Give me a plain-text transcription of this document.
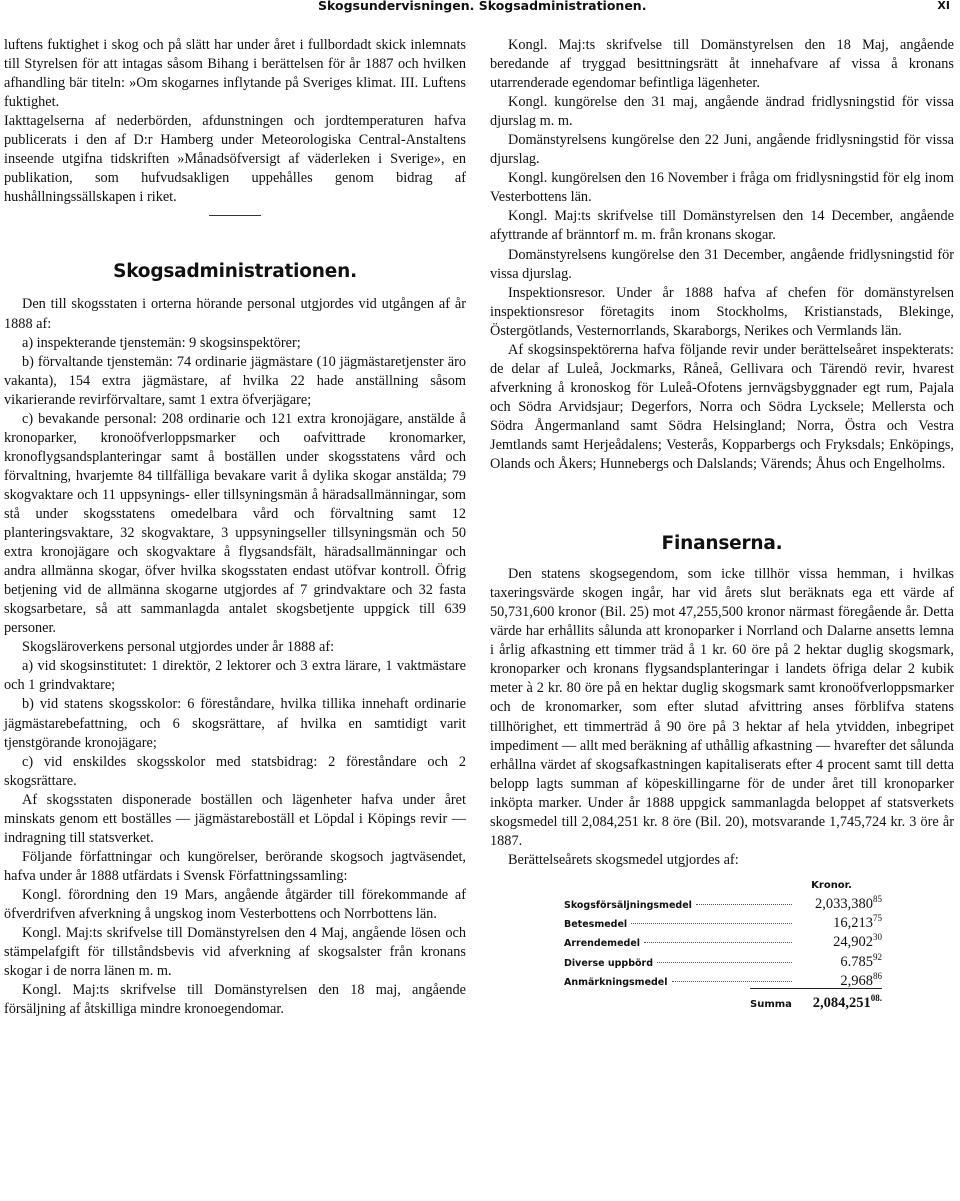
Skogsundervisningen. Skogsadministrationen.	XI

luftens fuktighet i skog och på slätt har under året i fullbordadt skick inlemnats till Styrelsen för att intagas såsom Bihang i berättelsen för år 1887 och hvilken afhandling bär titeln: »Om skogarnes inflytande på Sveriges klimat. III. Luftens fuktighet.

Iakttagelserna af nederbörden, afdunstningen och jordtemperaturen hafva publicerats i den af D:r Hamberg under Meteorologiska Central-Anstaltens inseende utgifna tidskriften »Månadsöfversigt af väderleken i Sverige», en publikation, som hufvudsakligen uppehålles genom bidrag af hushållningssällskapen i riket.

Skogsadministrationen.

Den till skogsstaten i orterna hörande personal utgjordes vid utgången af år 1888 af:

a) inspekterande tjenstemän: 9 skogsinspektörer;

b) förvaltande tjenstemän: 74 ordinarie jägmästare (10 jägmästaretjenster äro vakanta), 154 extra jägmästare, af hvilka 22 hade anställning såsom vikarierande revirförvaltare, samt 1 extra öfverjägare;

c) bevakande personal: 208 ordinarie och 121 extra kronojägare, anstälde å kronoparker, kronoöfverloppsmarker och oafvittrade kronomarker, kronoflygsandsplanteringar samt å boställen under skogsstatens vård och förvaltning, hvarjemte 84 tillfälliga bevakare varit å dylika skogar anstälda; 79 skogvaktare och 11 uppsynings- eller tillsyningsmän å häradsallmänningar, som stå under skogsstatens omedelbara vård och förvaltning samt 12 planteringsvaktare, 32 skogvaktare, 3 uppsyningseller tillsyningsmän och 50 extra kronojägare och skogvaktare å flygsandsfält, häradsallmänningar och andra allmänna skogar, öfver hvilka skogsstaten endast utöfvar kontroll. Öfrig betjening vid de allmänna skogarne utgjordes af 7 grindvaktare och 32 fasta skogsarbetare, så att sammanlagda antalet skogsbetjente uppgick till 639 personer.

Skogsläroverkens personal utgjordes under år 1888 af:

a) vid skogsinstitutet: 1 direktör, 2 lektorer och 3 extra lärare, 1 vaktmästare och 1 grindvaktare;

b) vid statens skogsskolor: 6 föreståndare, hvilka tillika innehaft ordinarie jägmästarebefattning, och 6 skogsrättare, af hvilka en samtidigt varit tjenstgörande kronojägare;

c) vid enskildes skogsskolor med statsbidrag: 2 föreståndare och 2 skogsrättare.

Af skogsstaten disponerade boställen och lägenheter hafva under året minskats genom ett boställes — jägmästareboställ et Löpdal i Köpings revir — indragning till statsverket.

Följande författningar och kungörelser, berörande skogsoch jagtväsendet, hafva under år 1888 utfärdats i Svensk Författningssamling:

Kongl. förordning den 19 Mars, angående åtgärder till förekommande af öfverdrifven afverkning å ungskog inom Vesterbottens och Norrbottens län.

Kongl. Maj:ts skrifvelse till Domänstyrelsen den 4 Maj, angående lösen och stämpelafgift för tillståndsbevis vid afverkning af skogsalster från kronans skogar i de norra länen m. m.

Kongl. Maj:ts skrifvelse till Domänstyrelsen den 18 maj, angående försäljning af åtskilliga mindre kronoegendomar.

Kongl. Maj:ts skrifvelse till Domänstyrelsen den 18 Maj, angående beredande af tryggad besittningsrätt åt innehafvare af vissa å kronans utarrenderade egendomar befintliga lägenheter.

Kongl. kungörelse den 31 maj, angående ändrad fridlysningstid för vissa djurslag m. m.

Domänstyrelsens kungörelse den 22 Juni, angående fridlysningstid för vissa djurslag.

Kongl. kungörelsen den 16 November i fråga om fridlysningstid för elg inom Vesterbottens län.

Kongl. Maj:ts skrifvelse till Domänstyrelsen den 14 December, angående afyttrande af bränntorf m. m. från kronans skogar.

Domänstyrelsens kungörelse den 31 December, angående fridlysningstid för vissa djurslag.

Inspektionsresor. Under år 1888 hafva af chefen för domänstyrelsen inspektionsresor företagits inom Stockholms, Kristianstads, Blekinge, Östergötlands, Vesternorrlands, Skaraborgs, Nerikes och Vermlands län.

Af skogsinspektörerna hafva följande revir under berättelseåret inspekterats: de delar af Luleå, Jockmarks, Råneå, Gellivara och Tärendö revir, hvarest afverkning å kronoskog för Luleå-Ofotens jernvägsbyggnader egt rum, Pajala och Södra Arvidsjaur; Degerfors, Norra och Södra Lycksele; Mellersta och Södra Ångermanland samt Södra Helsingland; Norra, Östra och Vestra Jemtlands samt Herjeådalens; Vesterås, Kopparbergs och Fryksdals; Enköpings, Olands och Åkers; Hunnebergs och Dalslands; Värends; Åhus och Engelholms.

Finanserna.

Den statens skogsegendom, som icke tillhör vissa hemman, i hvilkas taxeringsvärde skogen ingår, har vid årets slut beräknats ega ett värde af 50,731,600 kronor (Bil. 25) mot 47,255,500 kronor närmast föregående år. Detta värde har erhållits sålunda att kronoparker i Norrland och Dalarne ansetts lemna i årlig afkastning ett timmer träd å 1 kr. 60 öre på 2 hektar duglig skogsmark, kronoparker och kronans flygsandsplanteringar i landets öfriga delar 2 kubik meter à 2 kr. 80 öre på en hektar duglig skogsmark samt kronoöfverloppsmarker och de kronomarker, som efter slutad afvittring anses förblifva statens tillhörighet, ett timmerträd å 90 öre på 3 hektar af hela ytvidden, inbegripet impediment — allt med beräkning af uthållig afkastning — hvarefter det sålunda erhållna värdet af skogsafkastningen kapitaliserats efter 4 procent samt till detta belopp lagts summan af köpeskillingarne för de under året till kronoparker inköpta marker. Under år 1888 uppgick sammanlagda beloppet af statsverkets skogsmedel till 2,084,251 kr. 8 öre (Bil. 20), motsvarande 1,745,724 kr. 3 öre år 1887.

Berättelseårets skogsmedel utgjordes af:

Kronor.
Skogsförsäljningsmedel	2,033,380$^{85}$
Betesmedel	16,213$^{75}$
Arrendemedel	24,902$^{30}$
Diverse uppbörd	6.785$^{92}$
Anmärkningsmedel	2,968$^{86}$
Summa $2,084,251^{08.}$
